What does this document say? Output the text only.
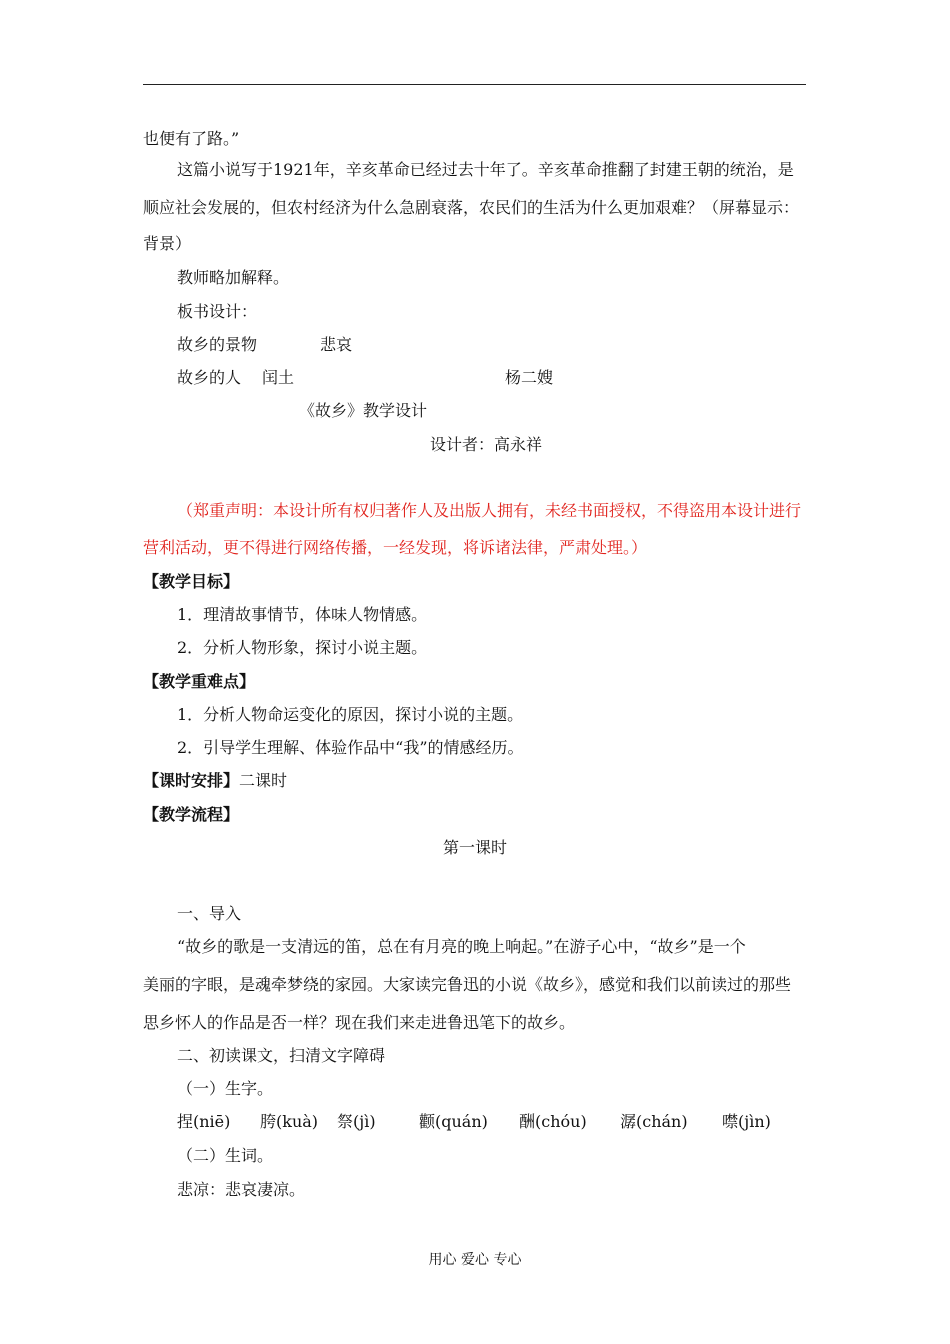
也便有了路。”
这篇小说写于1921年，辛亥革命已经过去十年了。辛亥革命推翻了封建王朝的统治，是
顺应社会发展的，但农村经济为什么急剧衰落，农民们的生活为什么更加艰难？（屏幕显示：
背景）
教师略加解释。
板书设计：
故乡的景物	悲哀
故乡的人 闰土	杨二嫂
《故乡》教学设计
设计者：高永祥
（郑重声明：本设计所有权归著作人及出版人拥有，未经书面授权，不得盗用本设计进行
营利活动，更不得进行网络传播，一经发现，将诉诸法律，严肃处理。）
【教学目标】
1．理清故事情节，体味人物情感。
2．分析人物形象，探讨小说主题。
【教学重难点】
1．分析人物命运变化的原因，探讨小说的主题。
2．引导学生理解、体验作品中“我”的情感经历。
【课时安排】二课时
【教学流程】
第一课时
一、导入
“故乡的歌是一支清远的笛，总在有月亮的晚上响起。”在游子心中，“故乡”是一个
美丽的字眼，是魂牵梦绕的家园。大家读完鲁迅的小说《故乡》，感觉和我们以前读过的那些
思乡怀人的作品是否一样？现在我们来走进鲁迅笔下的故乡。
二、初读课文，扫清文字障碍
（一）生字。
捏(niē) 胯(kuà) 祭(jì)	颧(quán) 酬(chóu) 潺(chán) 噤(jìn)
（二）生词。
悲凉：悲哀凄凉。
用心 爱心 专心
